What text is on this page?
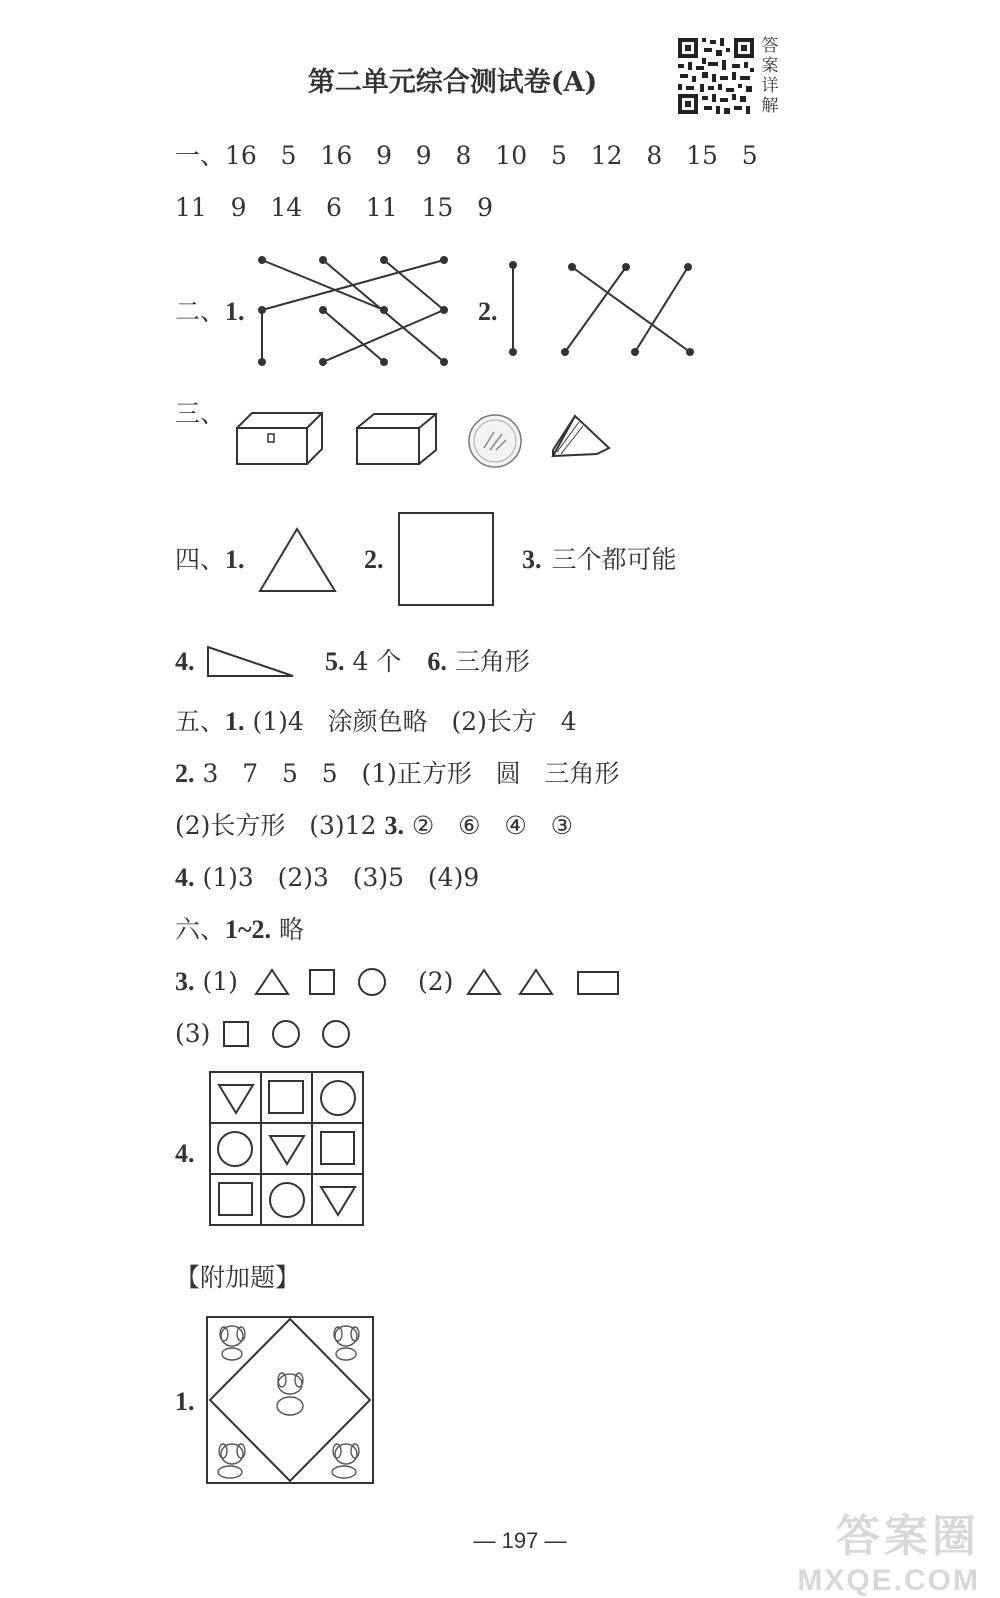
第二单元综合测试卷(A)
答
案
详
解
一、16   5   16   9   9   8   10   5   12   8   15   5
11   9   14   6   11   15   9
二、1.	2.
三、
四、1.	2.	3. 三个都可能
4.	5. 4 个 6. 三角形
五、1. (1)4   涂颜色略   (2)长方   4
2. 3   7   5   5   (1)正方形   圆   三角形
(2)长方形   (3)12 3. ②   ⑥   ④   ③
4. (1)3   (2)3   (3)5   (4)9
六、1~2. 略
3. (1)	(2)
(3)
4.
【附加题】
1.
— 197 —	答案圈
MXQE.COM
